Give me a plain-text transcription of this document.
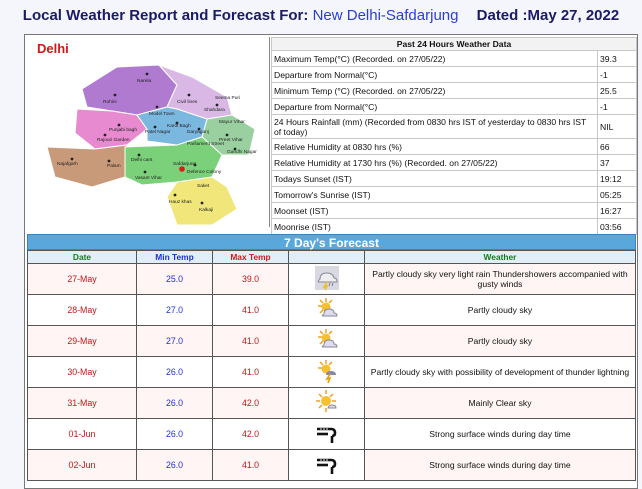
Local Weather Report and Forecast For: New Delhi-Safdarjung Dated :May 27, 2022
Narela
Rohini
Model Town
Civil lines
Shahdara
Seema Puri
Punjabi bagh Patel Nagar
Karol Bagh
Daryaganj
Rajouri Garden
Najafgarh
Delhi cant
Preet Vihar
Vasant Vihar
Defence Colony
Gandhi Nagar
Saket
Hauz khas
Kalkaji
Palam	Safdarjung
Mayur Vihar
Parliament Street
Delhi	Past 24 Hours Weather Data	
Maximum Temp(°C) (Recorded. on 27/05/22)	39.3
Departure from Normal(°C)	-1
Minimum Temp (°C) (Recorded. on 27/05/22)	25.5
Departure from Normal(°C)	-1
24 Hours Rainfall (mm) (Recorded from 0830 hrs IST of yesterday to 0830 hrs IST of today)	NIL
Relative Humidity at 0830 hrs (%)	66
Relative Humidity at 1730 hrs (%) (Recorded. on 27/05/22)	37
Todays Sunset (IST)	19:12
Tomorrow's Sunrise (IST)	05:25
Moonset (IST)	16:27
Moonrise (IST)	03:56
7 Day's Forecast
Date	Min Temp	Max Temp		Weather
27-May	25.0	39.0		Partly cloudy sky very light rain Thundershowers accompanied with gusty winds
28-May	27.0	41.0		Partly cloudy sky
29-May	27.0	41.0		Partly cloudy sky
30-May	26.0	41.0		Partly cloudy sky with possibility of development of thunder lightning
31-May	26.0	42.0		Mainly Clear sky
01-Jun	26.0	42.0		Strong surface winds during day time
02-Jun	26.0	41.0		Strong surface winds during day time
